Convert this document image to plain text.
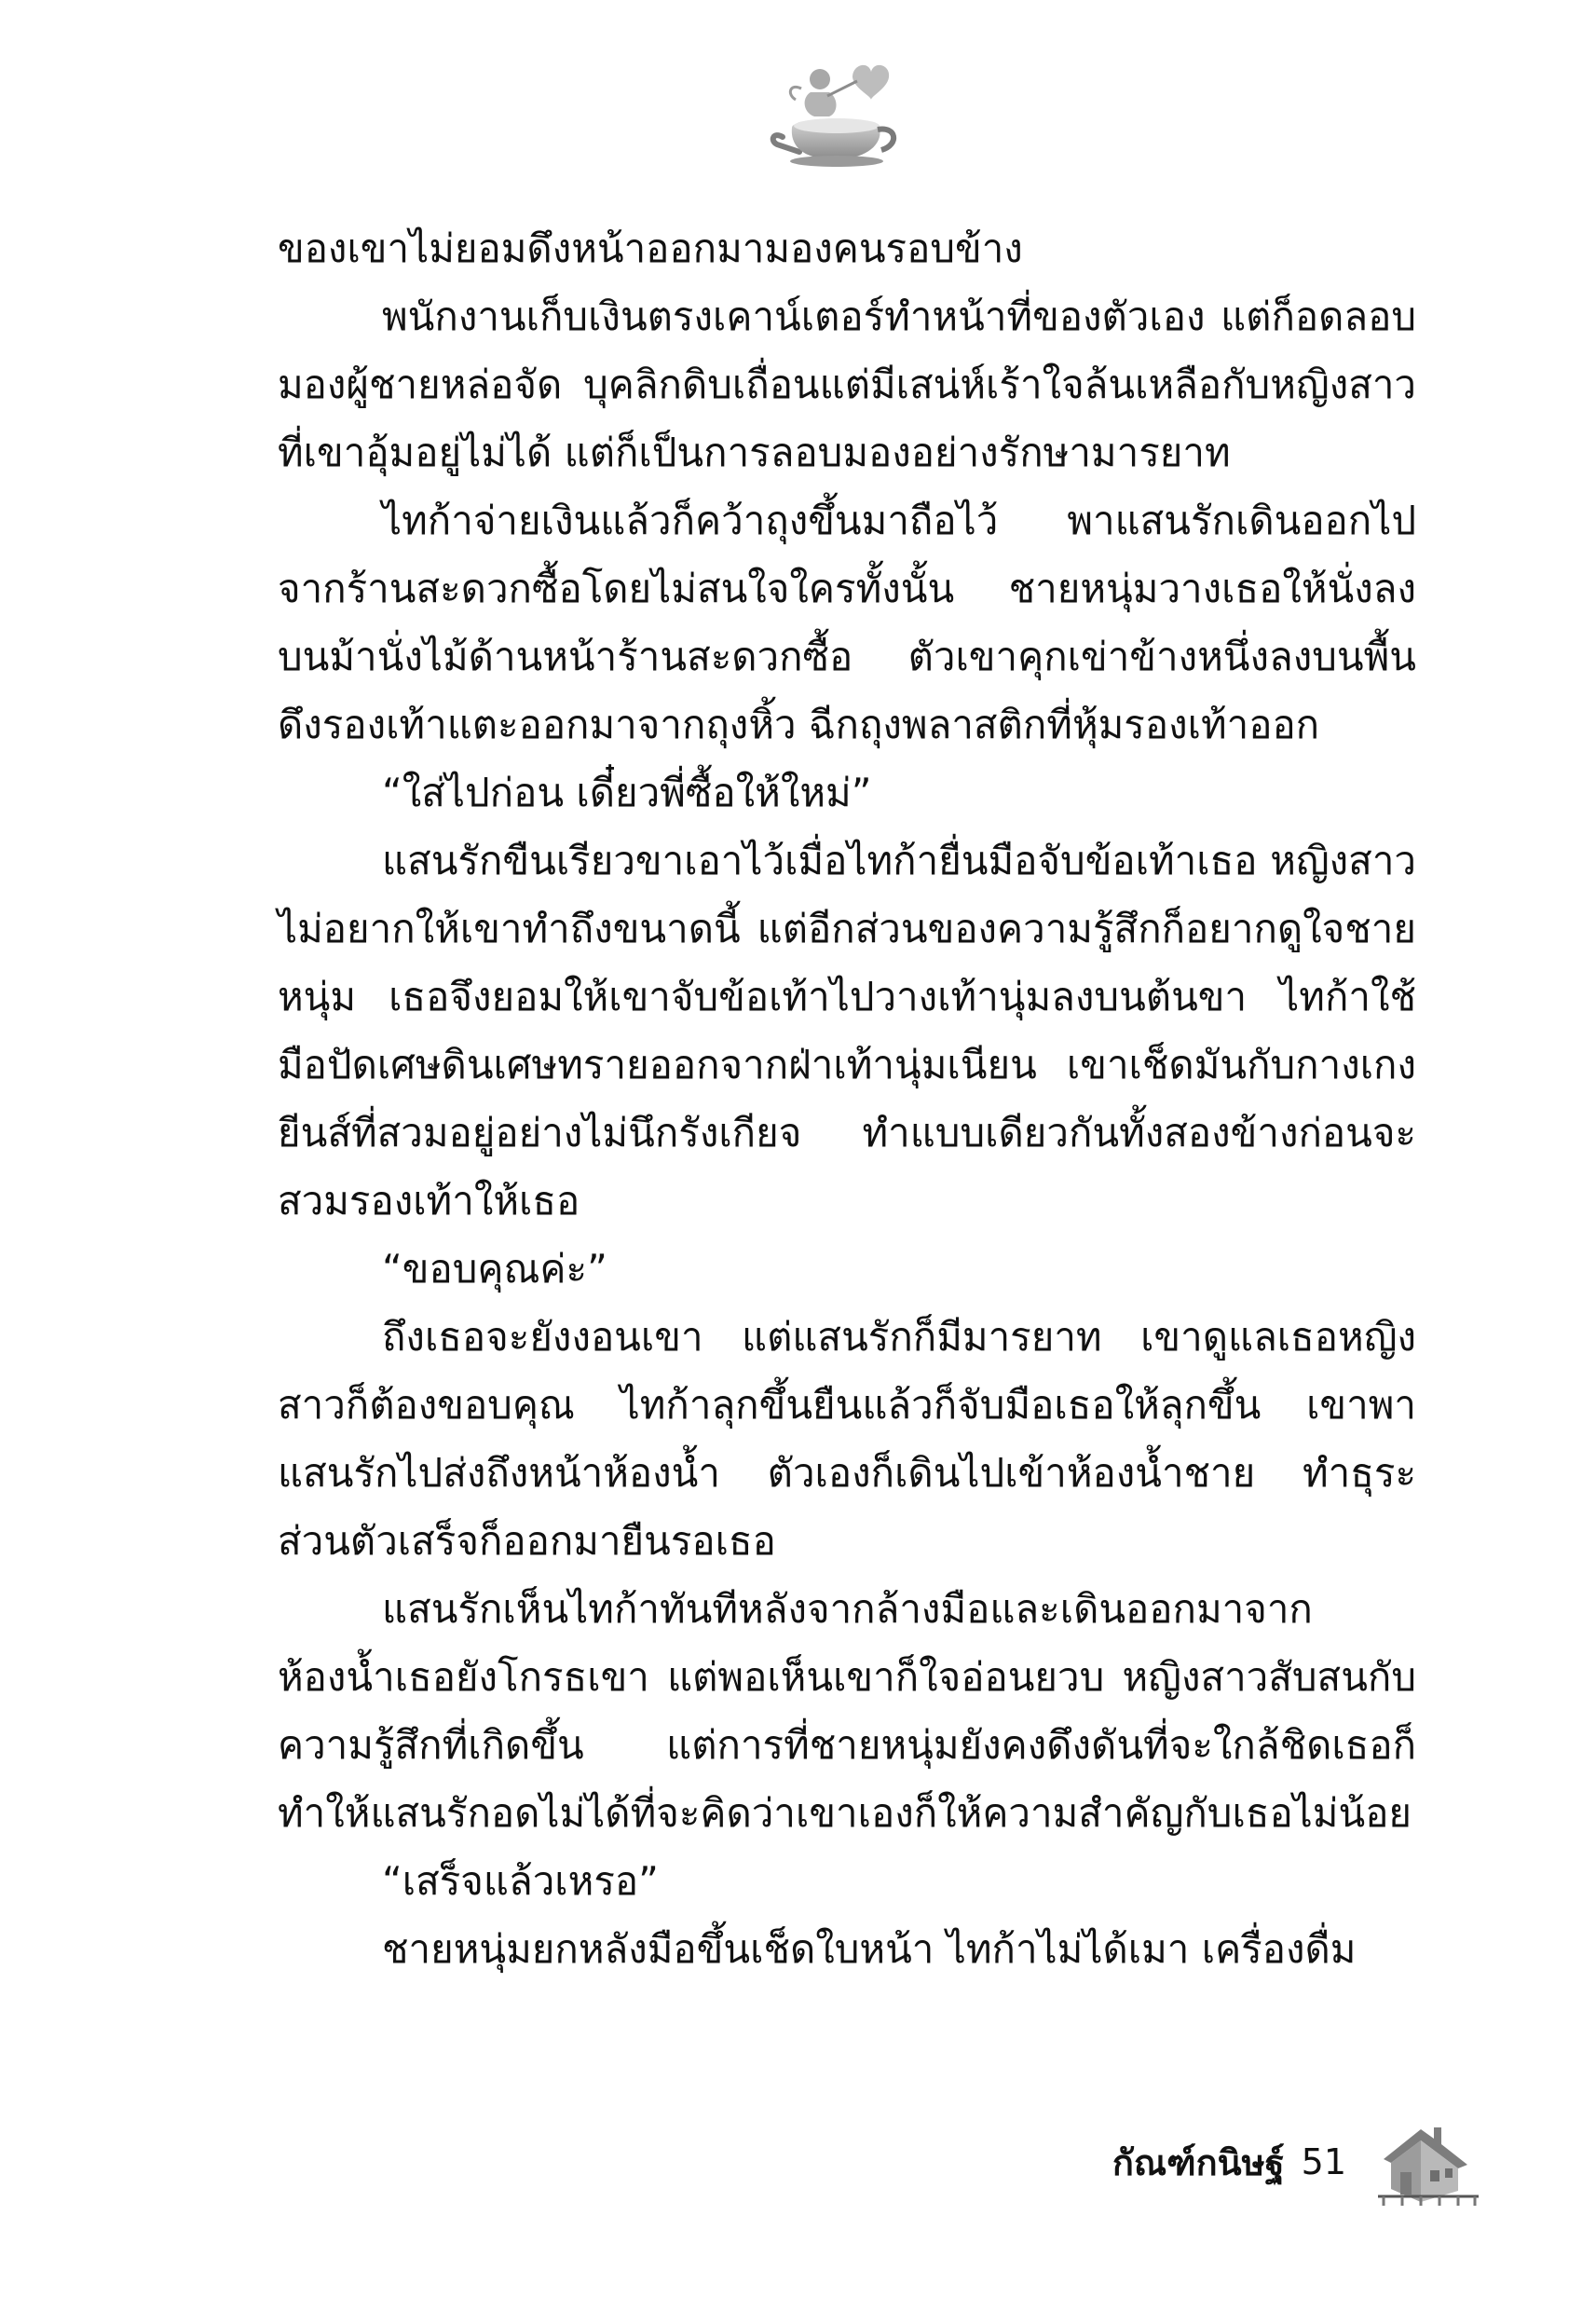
ของเขาไม่ยอมดึงหน้าออกมามองคนรอบข้าง

พนักงานเก็บเงินตรงเคาน์เตอร์ทำหน้าที่ของตัวเอง แต่ก็อดลอบมองผู้ชายหล่อจัด บุคลิกดิบเถื่อนแต่มีเสน่ห์เร้าใจล้นเหลือกับหญิงสาวที่เขาอุ้มอยู่ไม่ได้ แต่ก็เป็นการลอบมองอย่างรักษามารยาท

ไทก้าจ่ายเงินแล้วก็คว้าถุงขึ้นมาถือไว้ พาแสนรักเดินออกไปจากร้านสะดวกซื้อโดยไม่สนใจใครทั้งนั้น ชายหนุ่มวางเธอให้นั่งลงบนม้านั่งไม้ด้านหน้าร้านสะดวกซื้อ ตัวเขาคุกเข่าข้างหนึ่งลงบนพื้น ดึงรองเท้าแตะออกมาจากถุงหิ้ว ฉีกถุงพลาสติกที่หุ้มรองเท้าออก

“ใส่ไปก่อน เดี๋ยวพี่ซื้อให้ใหม่”

แสนรักขืนเรียวขาเอาไว้เมื่อไทก้ายื่นมือจับข้อเท้าเธอ หญิงสาวไม่อยากให้เขาทำถึงขนาดนี้ แต่อีกส่วนของความรู้สึกก็อยากดูใจชายหนุ่ม เธอจึงยอมให้เขาจับข้อเท้าไปวางเท้านุ่มลงบนต้นขา ไทก้าใช้มือปัดเศษดินเศษทรายออกจากฝ่าเท้านุ่มเนียน เขาเช็ดมันกับกางเกงยีนส์ที่สวมอยู่อย่างไม่นึกรังเกียจ ทำแบบเดียวกันทั้งสองข้างก่อนจะสวมรองเท้าให้เธอ

“ขอบคุณค่ะ”

ถึงเธอจะยังงอนเขา แต่แสนรักก็มีมารยาท เขาดูแลเธอหญิงสาวก็ต้องขอบคุณ ไทก้าลุกขึ้นยืนแล้วก็จับมือเธอให้ลุกขึ้น เขาพาแสนรักไปส่งถึงหน้าห้องน้ำ ตัวเองก็เดินไปเข้าห้องน้ำชาย ทำธุระส่วนตัวเสร็จก็ออกมายืนรอเธอ

แสนรักเห็นไทก้าทันทีหลังจากล้างมือและเดินออกมาจากห้องน้ำเธอยังโกรธเขา แต่พอเห็นเขาก็ใจอ่อนยวบ หญิงสาวสับสนกับความรู้สึกที่เกิดขึ้น แต่การที่ชายหนุ่มยังคงดึงดันที่จะใกล้ชิดเธอก็ทำให้แสนรักอดไม่ได้ที่จะคิดว่าเขาเองก็ให้ความสำคัญกับเธอไม่น้อย

“เสร็จแล้วเหรอ”

ชายหนุ่มยกหลังมือขึ้นเช็ดใบหน้า ไทก้าไม่ได้เมา เครื่องดื่ม

กัณฑ์กนิษฐ์ 51
